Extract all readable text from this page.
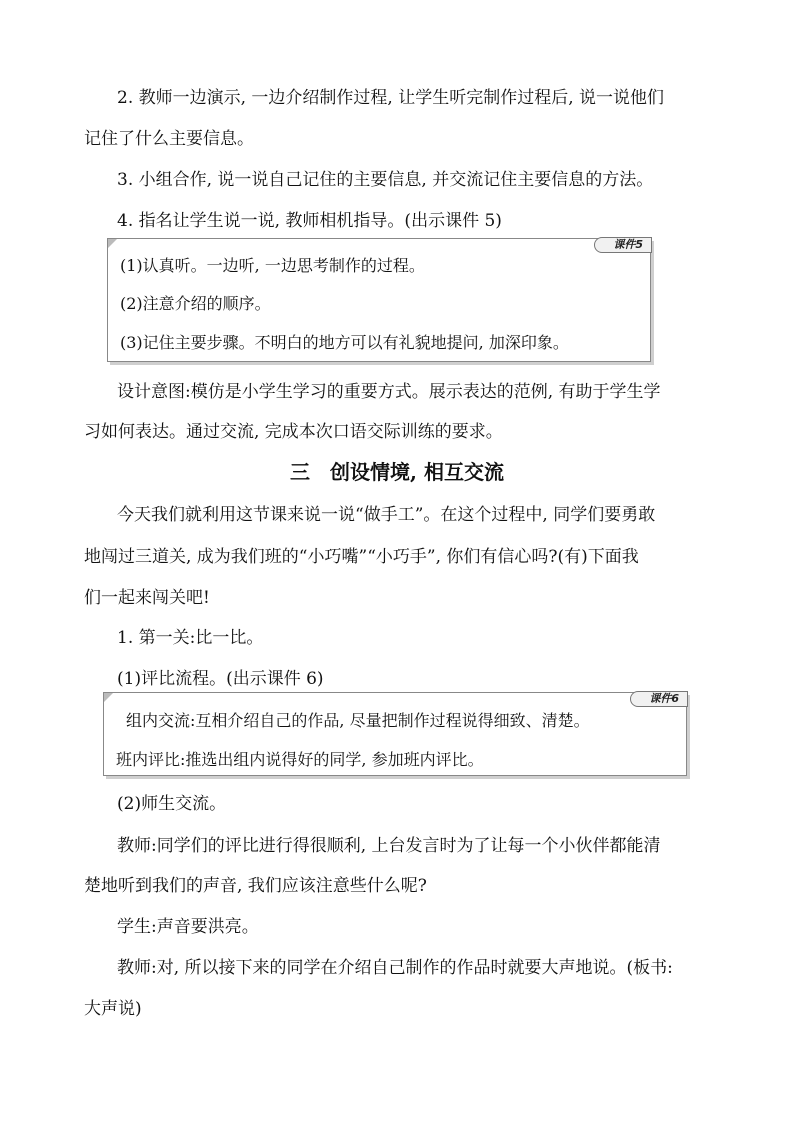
2. 教师一边演示, 一边介绍制作过程, 让学生听完制作过程后, 说一说他们

记住了什么主要信息。

3. 小组合作, 说一说自己记住的主要信息, 并交流记住主要信息的方法。

4. 指名让学生说一说, 教师相机指导。(出示课件 5)

课件5
(1)认真听。一边听, 一边思考制作的过程。
(2)注意介绍的顺序。
(3)记住主要步骤。不明白的地方可以有礼貌地提问, 加深印象。

设计意图:模仿是小学生学习的重要方式。展示表达的范例, 有助于学生学

习如何表达。通过交流, 完成本次口语交际训练的要求。

三　创设情境, 相互交流

今天我们就利用这节课来说一说“做手工”。在这个过程中, 同学们要勇敢

地闯过三道关, 成为我们班的“小巧嘴”“小巧手”, 你们有信心吗?(有)下面我

们一起来闯关吧!

1. 第一关:比一比。

(1)评比流程。(出示课件 6)

课件6
组内交流:互相介绍自己的作品, 尽量把制作过程说得细致、清楚。
班内评比:推选出组内说得好的同学, 参加班内评比。

(2)师生交流。

教师:同学们的评比进行得很顺利, 上台发言时为了让每一个小伙伴都能清

楚地听到我们的声音, 我们应该注意些什么呢?

学生:声音要洪亮。

教师:对, 所以接下来的同学在介绍自己制作的作品时就要大声地说。(板书:

大声说)
